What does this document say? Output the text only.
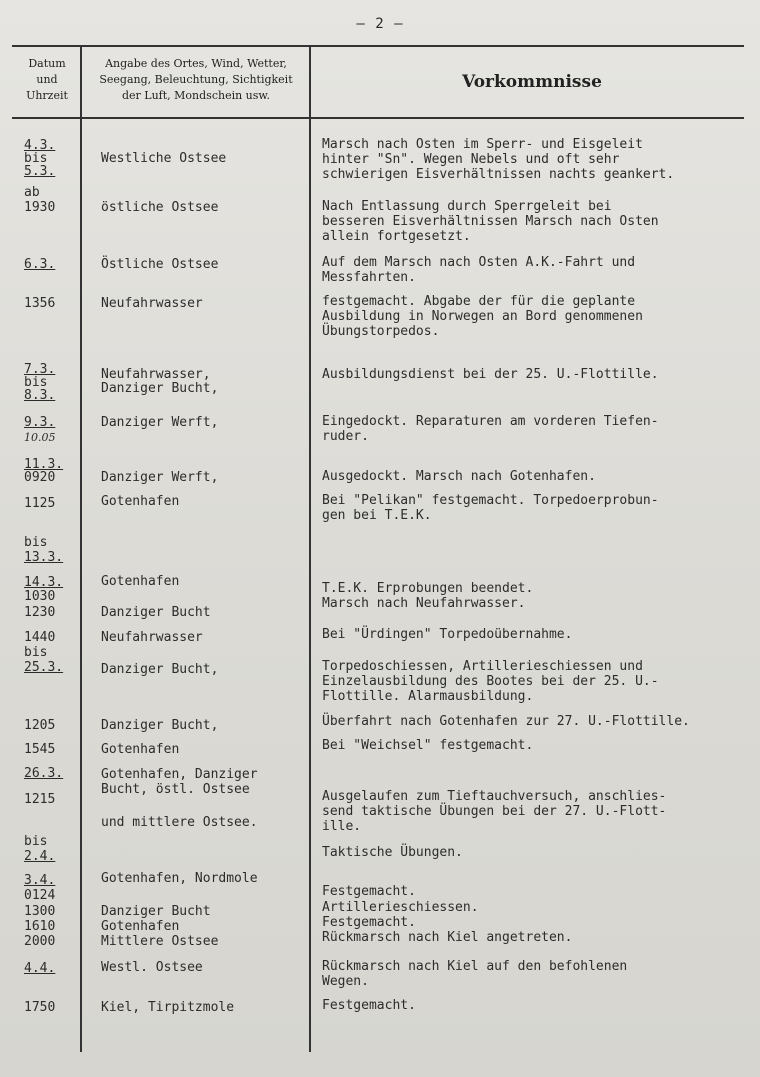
– 2 –
Datum
und
Uhrzeit
Angabe des Ortes, Wind, Wetter,
Seegang, Beleuchtung, Sichtigkeit
der Luft, Mondschein usw.
Vorkommnisse
4.3.
bis
5.3.
ab
1930
6.3.
1356
7.3.
bis
8.3.
9.3.
10.05
11.3.
0920
1125
bis
13.3.
14.3.
1030
1230
1440
bis
25.3.
1205
1545
26.3.
1215
bis
2.4.
3.4.
0124
1300
1610
2000
4.4.
1750
Westliche Ostsee
östliche Ostsee
Östliche Ostsee
Neufahrwasser
Neufahrwasser,
Danziger Bucht,
Danziger Werft,
Danziger Werft,
Gotenhafen
Gotenhafen
Danziger Bucht
Neufahrwasser
Danziger Bucht,
Danziger Bucht,
Gotenhafen
Gotenhafen, Danziger
Bucht, östl. Ostsee
und mittlere Ostsee.
Gotenhafen, Nordmole
Danziger Bucht
Gotenhafen
Mittlere Ostsee
Westl. Ostsee
Kiel, Tirpitzmole
Marsch nach Osten im Sperr- und Eisgeleit
hinter "Sn". Wegen Nebels und oft sehr
schwierigen Eisverhältnissen nachts geankert.
Nach Entlassung durch Sperrgeleit bei
besseren Eisverhältnissen Marsch nach Osten
allein fortgesetzt.
Auf dem Marsch nach Osten A.K.-Fahrt und
Messfahrten.
festgemacht. Abgabe der für die geplante
Ausbildung in Norwegen an Bord genommenen
Übungstorpedos.
Ausbildungsdienst bei der 25. U.-Flottille.
Eingedockt. Reparaturen am vorderen Tiefen-
ruder.
Ausgedockt. Marsch nach Gotenhafen.
Bei "Pelikan" festgemacht. Torpedoerprobun-
gen bei T.E.K.
T.E.K. Erprobungen beendet.
Marsch nach Neufahrwasser.
Bei "Ürdingen" Torpedoübernahme.
Torpedoschiessen, Artillerieschiessen und
Einzelausbildung des Bootes bei der 25. U.-
Flottille. Alarmausbildung.
Überfahrt nach Gotenhafen zur 27. U.-Flottille.
Bei "Weichsel" festgemacht.
Ausgelaufen zum Tieftauchversuch, anschlies-
send taktische Übungen bei der 27. U.-Flott-
ille.
Taktische Übungen.
Festgemacht.
Artillerieschiessen.
Festgemacht.
Rückmarsch nach Kiel angetreten.
Rückmarsch nach Kiel auf den befohlenen
Wegen.
Festgemacht.
